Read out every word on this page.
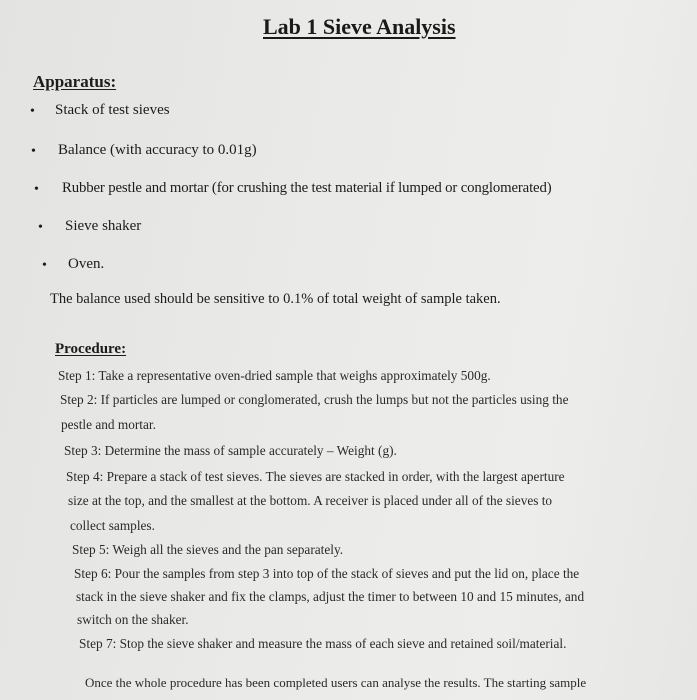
Lab 1 Sieve Analysis
Apparatus:
• Stack of test sieves
• Balance (with accuracy to 0.01g)
• Rubber pestle and mortar (for crushing the test material if lumped or conglomerated)
• Sieve shaker
• Oven.
The balance used should be sensitive to 0.1% of total weight of sample taken.
Procedure:
Step 1: Take a representative oven-dried sample that weighs approximately 500g.
Step 2: If particles are lumped or conglomerated, crush the lumps but not the particles using the
pestle and mortar.
Step 3: Determine the mass of sample accurately – Weight (g).
Step 4: Prepare a stack of test sieves. The sieves are stacked in order, with the largest aperture
size at the top, and the smallest at the bottom. A receiver is placed under all of the sieves to
collect samples.
Step 5: Weigh all the sieves and the pan separately.
Step 6: Pour the samples from step 3 into top of the stack of sieves and put the lid on, place the
stack in the sieve shaker and fix the clamps, adjust the timer to between 10 and 15 minutes, and
switch on the shaker.
Step 7: Stop the sieve shaker and measure the mass of each sieve and retained soil/material.
Once the whole procedure has been completed users can analyse the results. The starting sample
